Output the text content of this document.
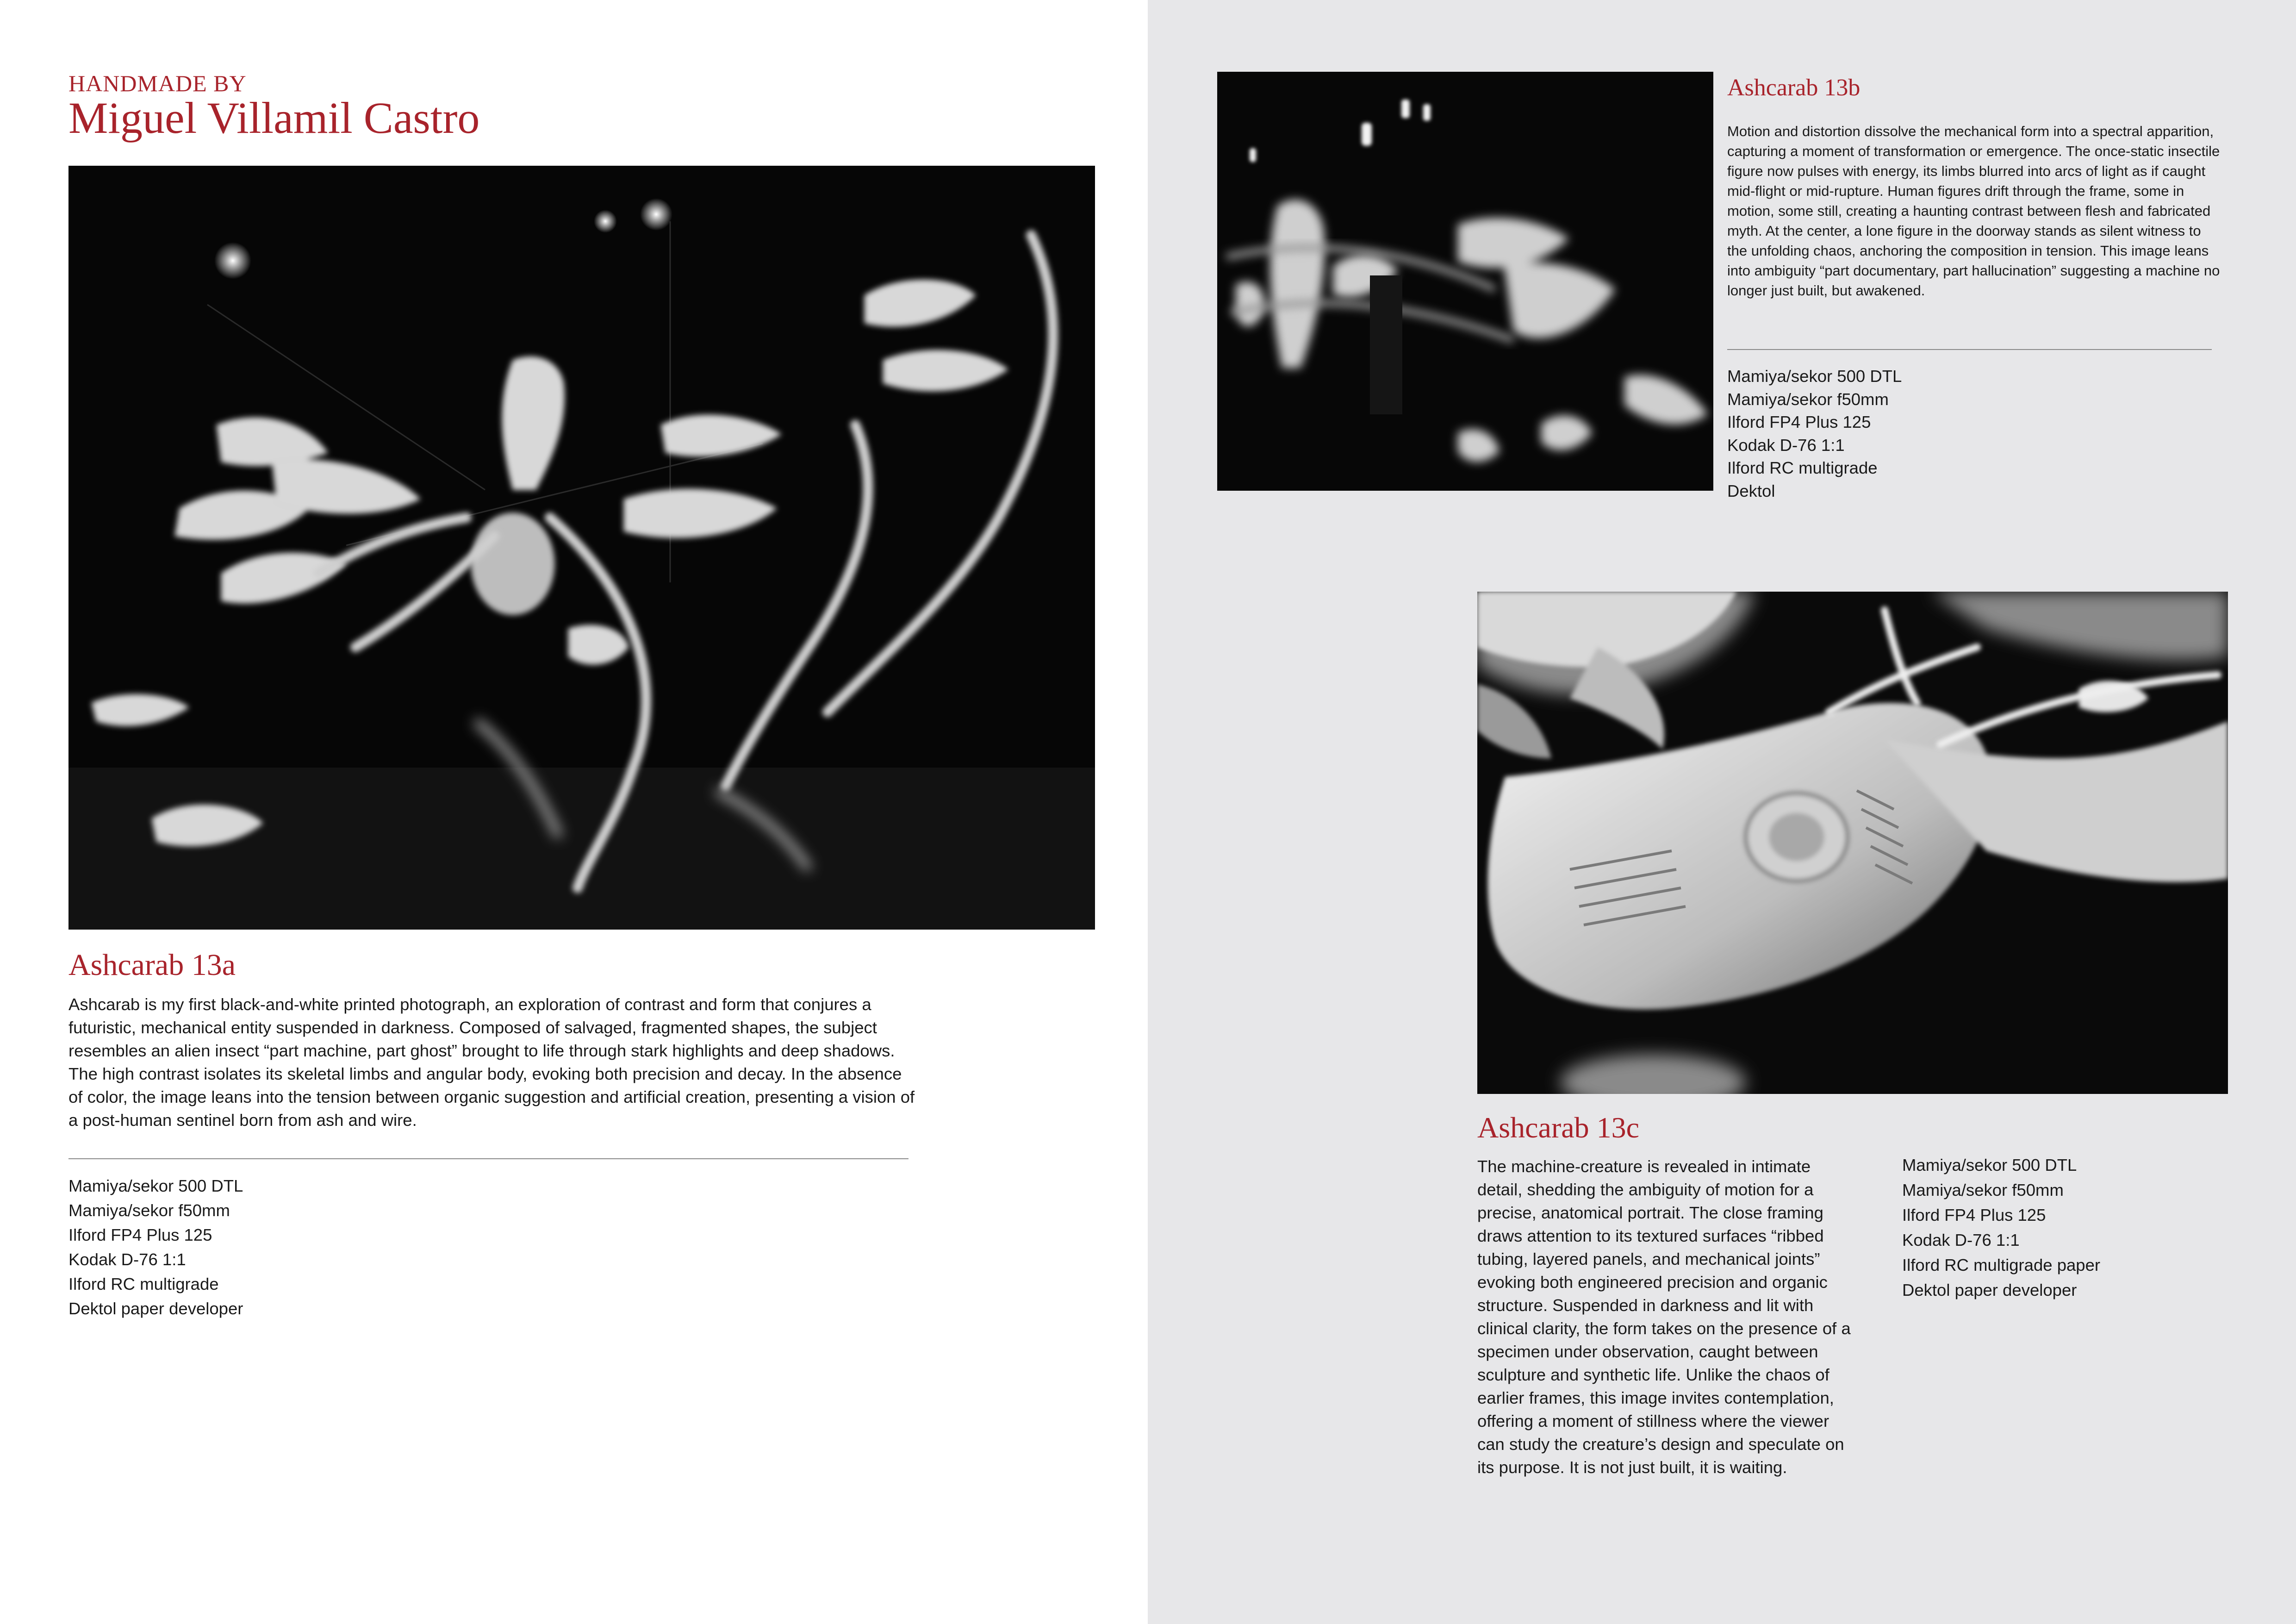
HANDMADE BY
Miguel Villamil Castro
Ashcarab 13a
Ashcarab is my first black-and-white printed photograph, an exploration of contrast and form that conjures a futuristic, mechanical entity suspended in darkness. Composed of salvaged, fragmented shapes, the subject resembles an alien insect “part machine, part ghost” brought to life through stark highlights and deep shadows. The high contrast isolates its skeletal limbs and angular body, evoking both precision and decay. In the absence of color, the image leans into the tension between organic suggestion and artificial creation, presenting a vision of a post-human sentinel born from ash and wire.
Mamiya/sekor 500 DTL
Mamiya/sekor f50mm
Ilford FP4 Plus 125
Kodak D-76 1:1
Ilford RC multigrade
Dektol paper developer
Ashcarab 13b
Motion and distortion dissolve the mechanical form into a spectral apparition, capturing a moment of transformation or emergence. The once-static insectile figure now pulses with energy, its limbs blurred into arcs of light as if caught mid-flight or mid-rupture. Human figures drift through the frame, some in motion, some still, creating a haunting contrast between flesh and fabricated myth. At the center, a lone figure in the doorway stands as silent witness to the unfolding chaos, anchoring the composition in tension. This image leans into ambiguity “part documentary, part hallucination” suggesting a machine no longer just built, but awakened.
Mamiya/sekor 500 DTL
Mamiya/sekor f50mm
Ilford FP4 Plus 125
Kodak D-76 1:1
Ilford RC multigrade
Dektol
Ashcarab 13c
The machine-creature is revealed in intimate detail, shedding the ambiguity of motion for a precise, anatomical portrait. The close framing draws attention to its textured surfaces “ribbed tubing, layered panels, and mechanical joints” evoking both engineered precision and organic structure. Suspended in darkness and lit with clinical clarity, the form takes on the presence of a specimen under observation, caught between sculpture and synthetic life. Unlike the chaos of earlier frames, this image invites contemplation, offering a moment of stillness where the viewer can study the creature’s design and speculate on its purpose. It is not just built, it is waiting.
Mamiya/sekor 500 DTL
Mamiya/sekor f50mm
Ilford FP4 Plus 125
Kodak D-76 1:1
Ilford RC multigrade paper
Dektol paper developer
